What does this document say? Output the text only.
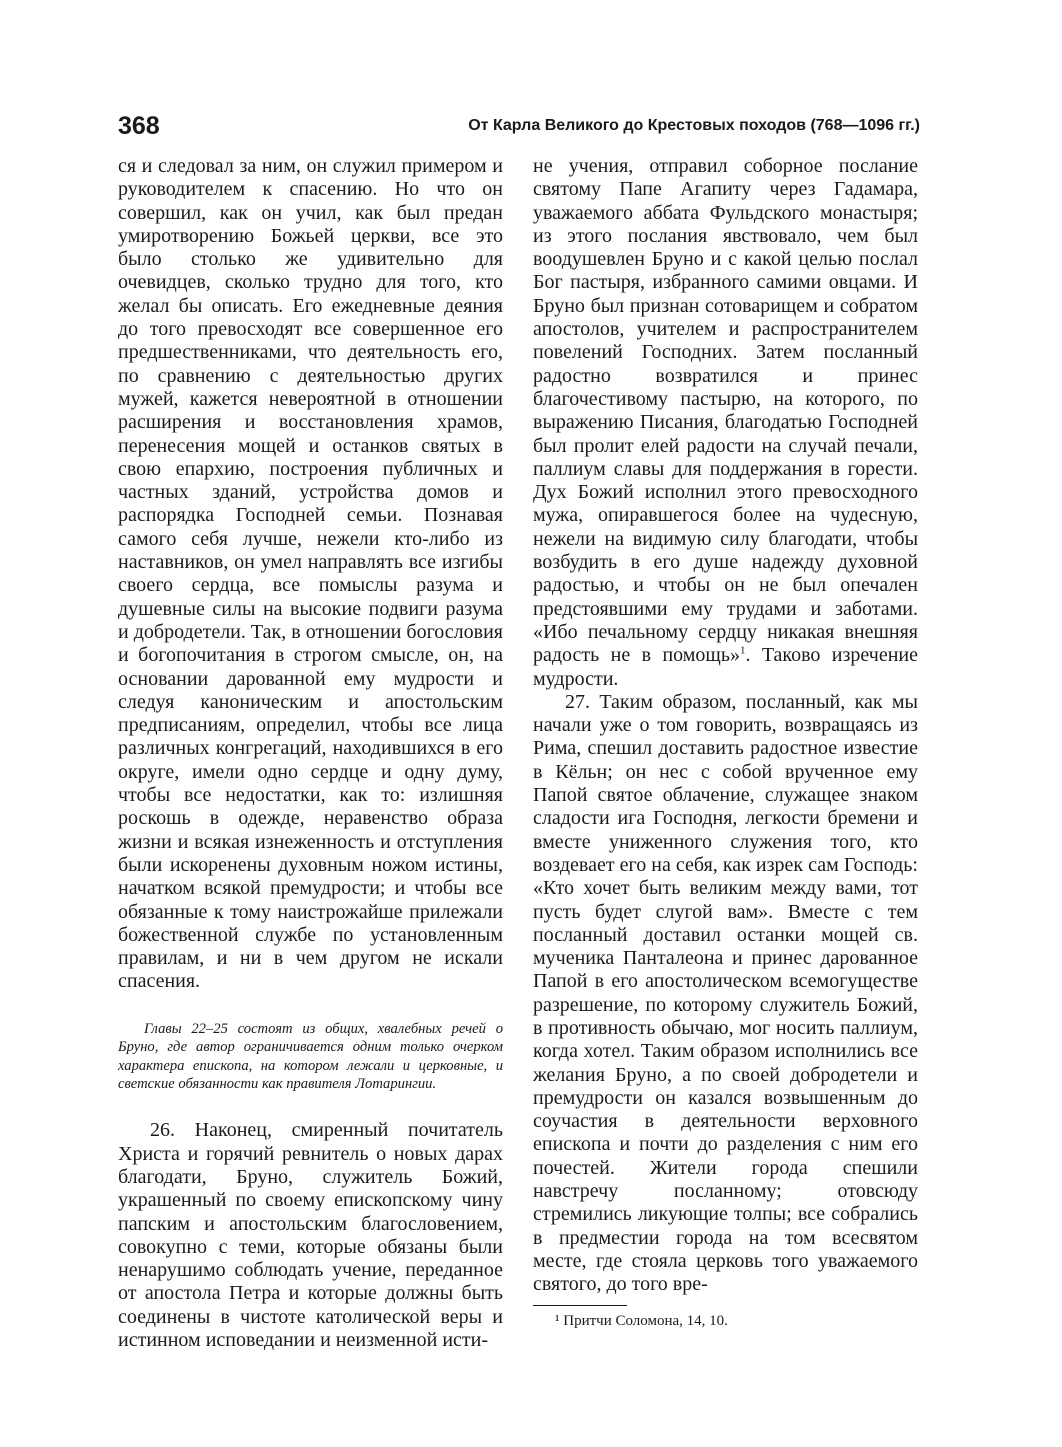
368	От Карла Великого до Крестовых походов (768—1096 гг.)

ся и следовал за ним, он служил примером и руководителем к спасению. Но что он совершил, как он учил, как был предан умиротворению Божьей церкви, все это было столько же удивительно для очевидцев, сколько трудно для того, кто желал бы описать. Его ежедневные деяния до того превосходят все совершенное его предшественниками, что деятельность его, по сравнению с деятельностью других мужей, кажется невероятной в отношении расширения и восстановления храмов, перенесения мощей и останков святых в свою епархию, построения публичных и частных зданий, устройства домов и распорядка Господней семьи. Познавая самого себя лучше, нежели кто-либо из наставников, он умел направлять все изгибы своего сердца, все помыслы разума и душевные силы на высокие подвиги разума и добродетели. Так, в отношении богословия и богопочитания в строгом смысле, он, на основании дарованной ему мудрости и следуя каноническим и апостольским предписаниям, определил, чтобы все лица различных конгрегаций, находившихся в его округе, имели одно сердце и одну думу, чтобы все недостатки, как то: излишняя роскошь в одежде, неравенство образа жизни и всякая изнеженность и отступления были искоренены духовным ножом истины, начатком всякой премудрости; и чтобы все обязанные к тому наистрожайше прилежали божественной службе по установленным правилам, и ни в чем другом не искали спасения.

Главы 22–25 состоят из общих, хвалебных речей о Бруно, где автор ограничивается одним только очерком характера епископа, на котором лежали и церковные, и светские обязанности как правителя Лотарингии.

26. Наконец, смиренный почитатель Христа и горячий ревнитель о новых дарах благодати, Бруно, служитель Божий, украшенный по своему епископскому чину папским и апостольским благословением, совокупно с теми, которые обязаны были ненарушимо соблюдать учение, переданное от апостола Петра и которые должны быть соединены в чистоте католической веры и истинном исповедании и неизменной исти-

не учения, отправил соборное послание святому Папе Агапиту через Гадамара, уважаемого аббата Фульдского монастыря; из этого послания явствовало, чем был воодушевлен Бруно и с какой целью послал Бог пастыря, избранного самими овцами. И Бруно был признан сотоварищем и собратом апостолов, учителем и распространителем повелений Господних. Затем посланный радостно возвратился и принес благочестивому пастырю, на которого, по выражению Писания, благодатью Господней был пролит елей радости на случай печали, паллиум славы для поддержания в горести. Дух Божий исполнил этого превосходного мужа, опиравшегося более на чудесную, нежели на видимую силу благодати, чтобы возбудить в его душе надежду духовной радостью, и чтобы он не был опечален предстоявшими ему трудами и заботами. «Ибо печальному сердцу никакая внешняя радость не в помощь»$^1$. Таково изречение мудрости.

27. Таким образом, посланный, как мы начали уже о том говорить, возвращаясь из Рима, спешил доставить радостное известие в Кёльн; он нес с собой врученное ему Папой святое облачение, служащее знаком сладости ига Господня, легкости бремени и вместе униженного служения того, кто воздевает его на себя, как изрек сам Господь: «Кто хочет быть великим между вами, тот пусть будет слугой вам». Вместе с тем посланный доставил останки мощей св. мученика Панталеона и принес дарованное Папой в его апостолическом всемогуществе разрешение, по которому служитель Божий, в противность обычаю, мог носить паллиум, когда хотел. Таким образом исполнились все желания Бруно, а по своей добродетели и премудрости он казался возвышенным до соучастия в деятельности верховного епископа и почти до разделения с ним его почестей. Жители города спешили навстречу посланному; отовсюду стремились ликующие толпы; все собрались в предместии города на том всесвятом месте, где стояла церковь того уважаемого святого, до того вре-

¹ Притчи Соломона, 14, 10.
